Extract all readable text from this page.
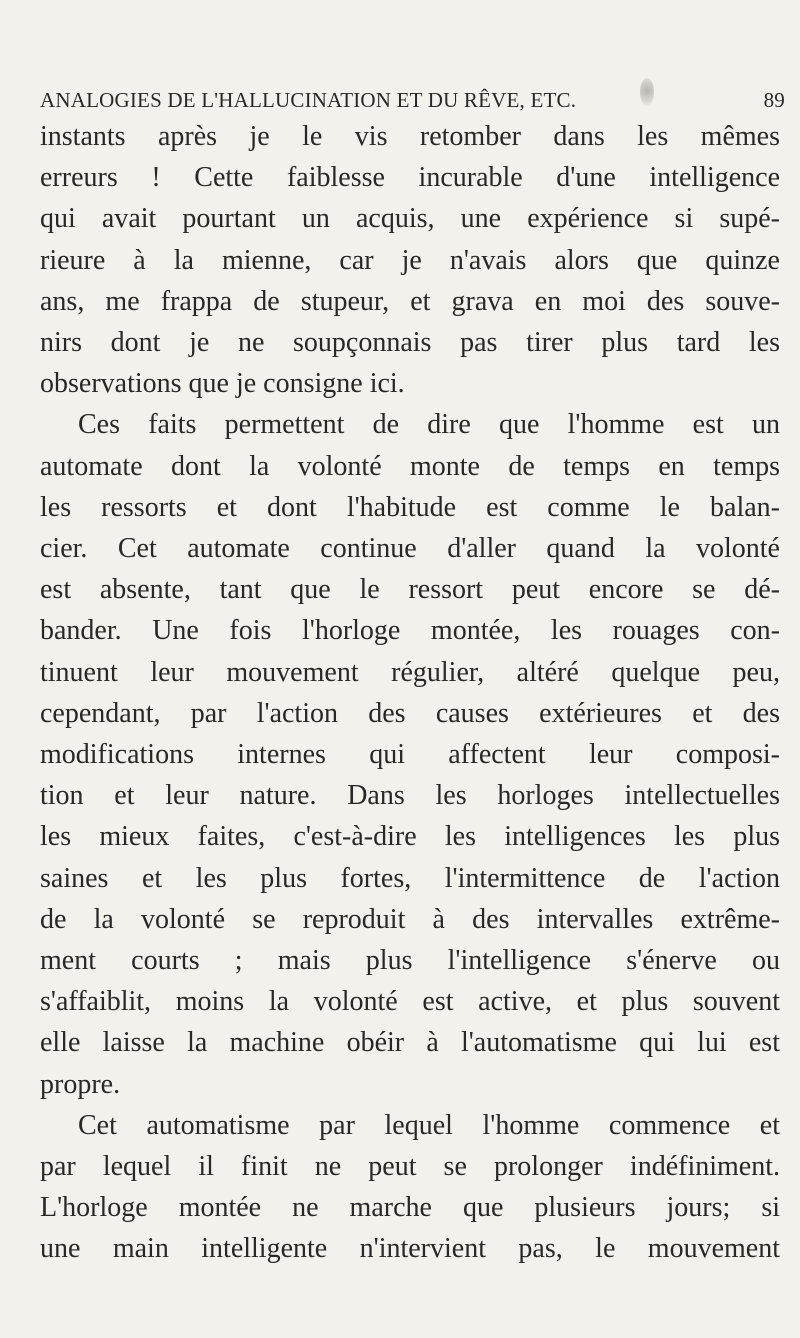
ANALOGIES DE L'HALLUCINATION ET DU RÊVE, ETC.	89

instants après je le vis retomber dans les mêmes
erreurs ! Cette faiblesse incurable d'une intelligence
qui avait pourtant un acquis, une expérience si supé-
rieure à la mienne, car je n'avais alors que quinze
ans, me frappa de stupeur, et grava en moi des souve-
nirs dont je ne soupçonnais pas tirer plus tard les
observations que je consigne ici.

Ces faits permettent de dire que l'homme est un
automate dont la volonté monte de temps en temps
les ressorts et dont l'habitude est comme le balan-
cier. Cet automate continue d'aller quand la volonté
est absente, tant que le ressort peut encore se dé-
bander. Une fois l'horloge montée, les rouages con-
tinuent leur mouvement régulier, altéré quelque peu,
cependant, par l'action des causes extérieures et des
modifications internes qui affectent leur composi-
tion et leur nature. Dans les horloges intellectuelles
les mieux faites, c'est-à-dire les intelligences les plus
saines et les plus fortes, l'intermittence de l'action
de la volonté se reproduit à des intervalles extrême-
ment courts ; mais plus l'intelligence s'énerve ou
s'affaiblit, moins la volonté est active, et plus souvent
elle laisse la machine obéir à l'automatisme qui lui est
propre.

Cet automatisme par lequel l'homme commence et
par lequel il finit ne peut se prolonger indéfiniment.
L'horloge montée ne marche que plusieurs jours; si
une main intelligente n'intervient pas, le mouvement
